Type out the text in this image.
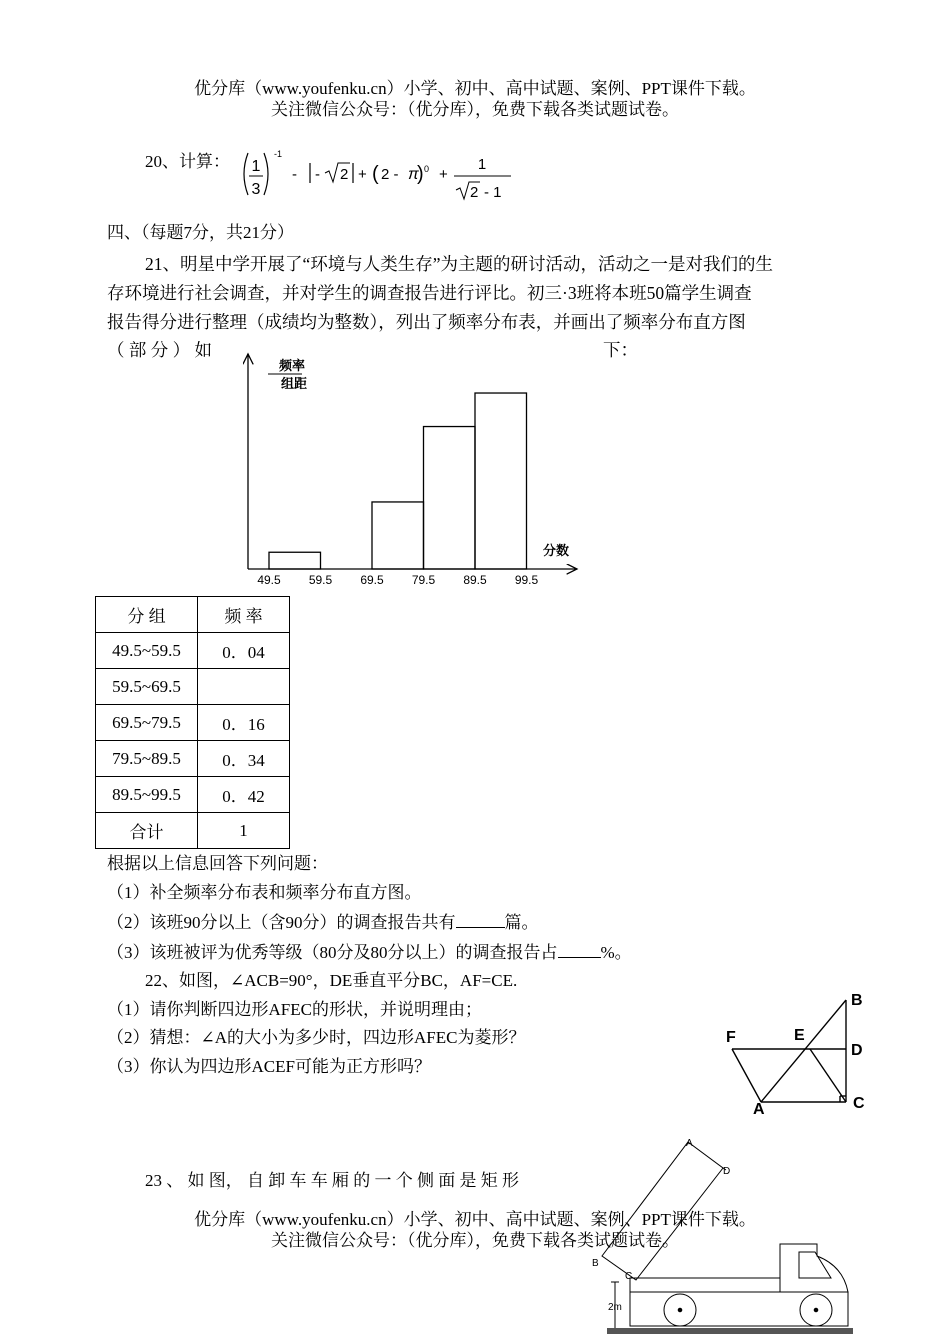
优分库（www.youfenku.cn）小学、初中、高中试题、案例、PPT课件下载。
关注微信公众号：（优分库），免费下载各类试题试卷。
20、计算： 1
3
-1
- - 2 + ( 2 - π
) 0 +
1
2 - 1
四、（每题7分，共21分）
21、明星中学开展了“环境与人类生存”为主题的研讨活动，活动之一是对我们的生
存环境进行社会调查，并对学生的调查报告进行评比。初三·3班将本班50篇学生调查
报告得分进行整理（成绩均为整数），列出了频率分布表，并画出了频率分布直方图
（ 部 分 ） 如	下：
频率
组距
分数
49.5 59.5 69.5 79.5 89.5 99.5
分 组	频 率
49.5~59.5	0．04
59.5~69.5	
69.5~79.5	0．16
79.5~89.5	0．34
89.5~99.5	0．42
合计	1
根据以上信息回答下列问题：
（1）补全频率分布表和频率分布直方图。
（2）该班90分以上（含90分）的调查报告共有	篇。
（3）该班被评为优秀等级（80分及80分以上）的调查报告占	%。
22、如图，∠ACB=90°，DE垂直平分BC，AF=CE.
（1）请你判断四边形AFEC的形状，并说明理由；
（2）猜想：∠A的大小为多少时，四边形AFEC为菱形？
（3）你认为四边形ACEF可能为正方形吗？
B
F	E
D
A	C
23 、 如 图， 自 卸 车 车 厢 的 一 个 侧 面 是 矩 形
A
D
B
C
2m
优分库（www.youfenku.cn）小学、初中、高中试题、案例、PPT课件下载。
关注微信公众号：（优分库），免费下载各类试题试卷。
